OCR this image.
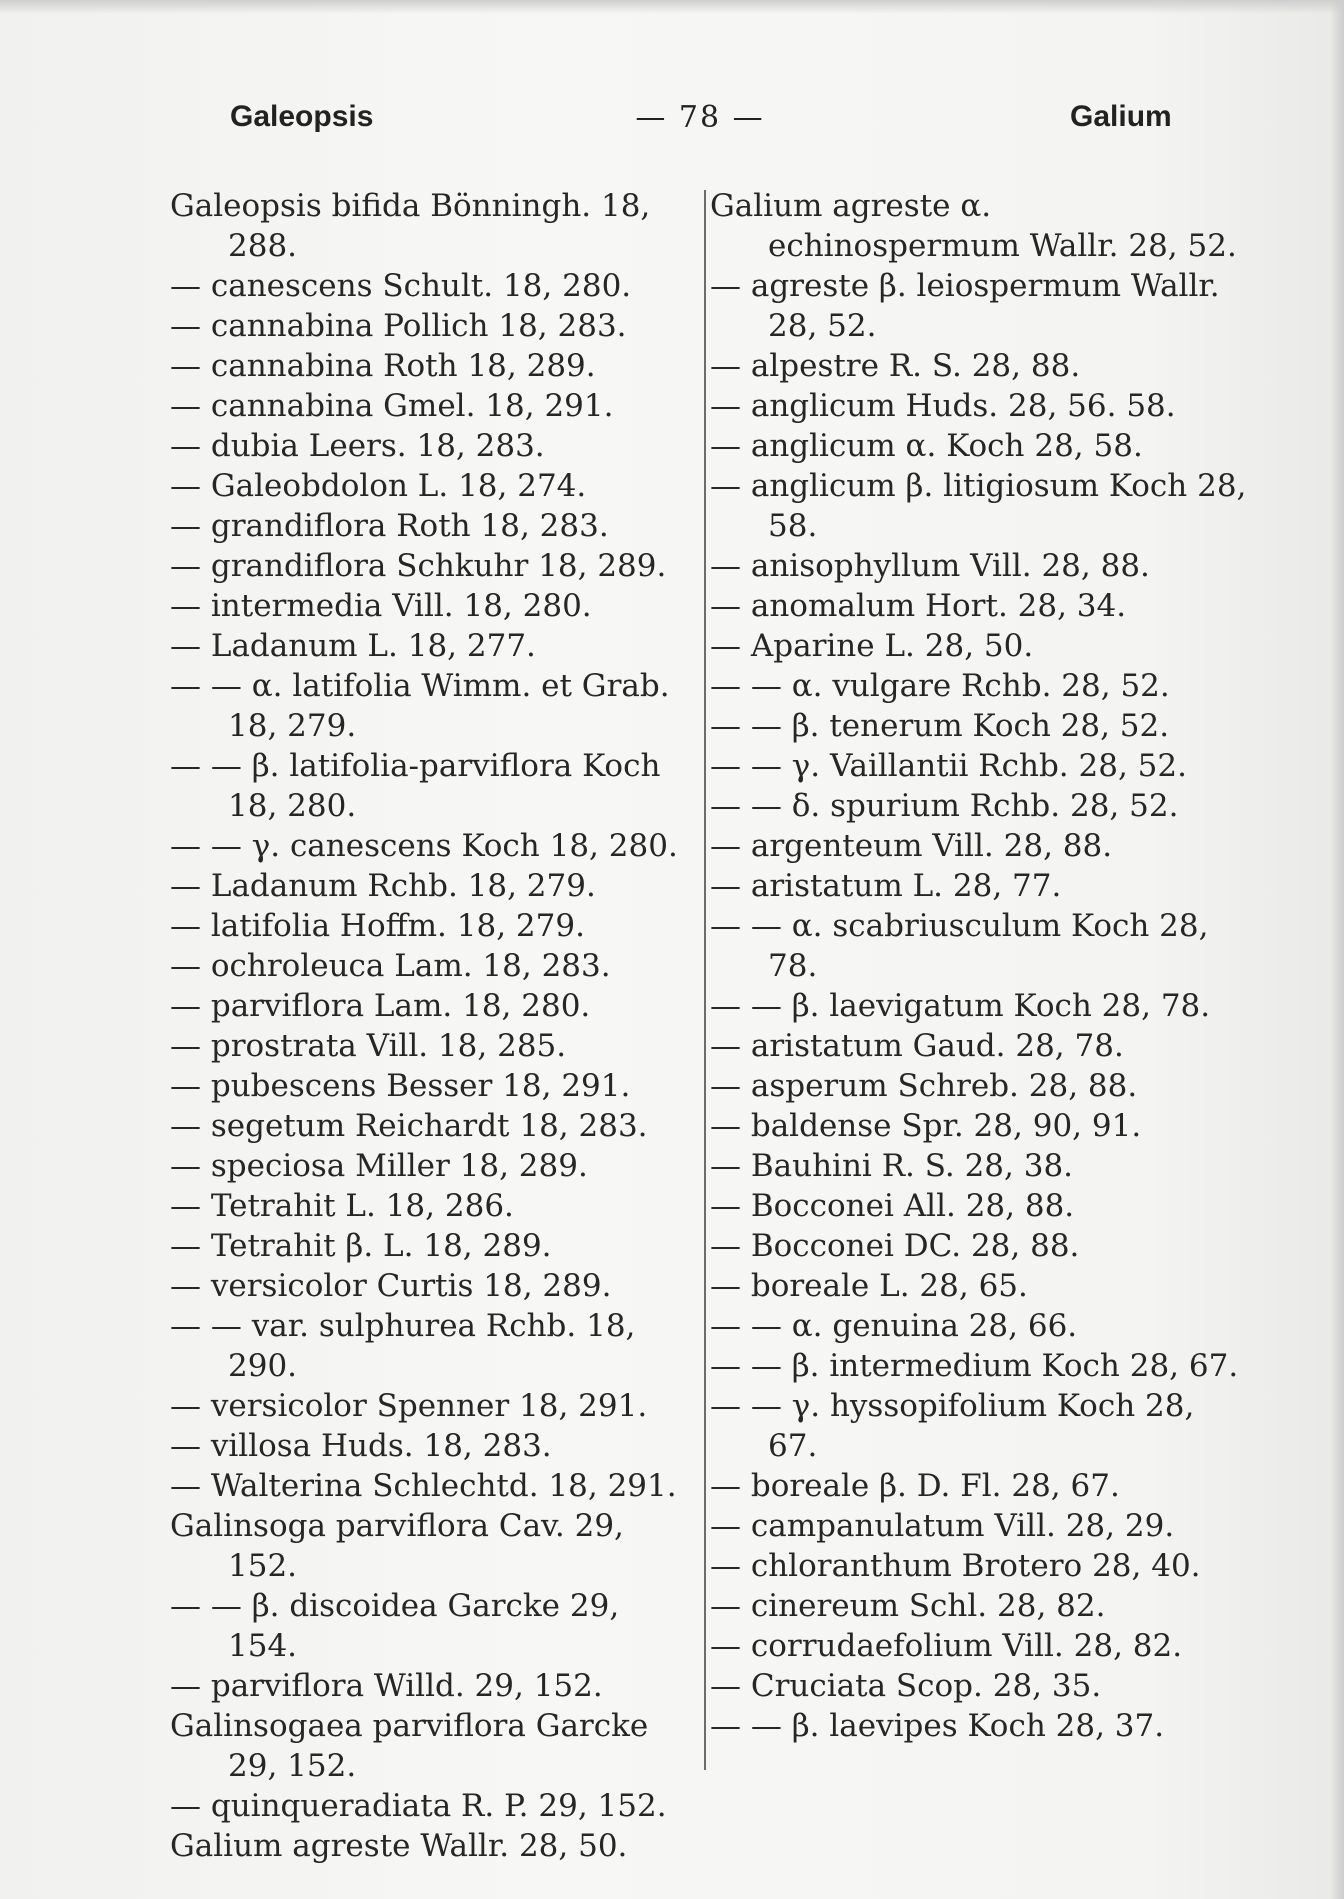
Galeopsis	— 78 —	Galium
Galeopsis bifida Bönningh. 18, 288.
— canescens Schult. 18, 280.
— cannabina Pollich 18, 283.
— cannabina Roth 18, 289.
— cannabina Gmel. 18, 291.
— dubia Leers. 18, 283.
— Galeobdolon L. 18, 274.
— grandiflora Roth 18, 283.
— grandiflora Schkuhr 18, 289.
— intermedia Vill. 18, 280.
— Ladanum L. 18, 277.
— — α. latifolia Wimm. et Grab. 18, 279.
— — β. latifolia-parviflora Koch 18, 280.
— — γ. canescens Koch 18, 280.
— Ladanum Rchb. 18, 279.
— latifolia Hoffm. 18, 279.
— ochroleuca Lam. 18, 283.
— parviflora Lam. 18, 280.
— prostrata Vill. 18, 285.
— pubescens Besser 18, 291.
— segetum Reichardt 18, 283.
— speciosa Miller 18, 289.
— Tetrahit L. 18, 286.
— Tetrahit β. L. 18, 289.
— versicolor Curtis 18, 289.
— — var. sulphurea Rchb. 18, 290.
— versicolor Spenner 18, 291.
— villosa Huds. 18, 283.
— Walterina Schlechtd. 18, 291.
Galinsoga parviflora Cav. 29, 152.
— — β. discoidea Garcke 29, 154.
— parviflora Willd. 29, 152.
Galinsogaea parviflora Garcke 29, 152.
— quinqueradiata R. P. 29, 152.
Galium agreste Wallr. 28, 50.
Galium agreste α. echinospermum Wallr. 28, 52.
— agreste β. leiospermum Wallr. 28, 52.
— alpestre R. S. 28, 88.
— anglicum Huds. 28, 56. 58.
— anglicum α. Koch 28, 58.
— anglicum β. litigiosum Koch 28, 58.
— anisophyllum Vill. 28, 88.
— anomalum Hort. 28, 34.
— Aparine L. 28, 50.
— — α. vulgare Rchb. 28, 52.
— — β. tenerum Koch 28, 52.
— — γ. Vaillantii Rchb. 28, 52.
— — δ. spurium Rchb. 28, 52.
— argenteum Vill. 28, 88.
— aristatum L. 28, 77.
— — α. scabriusculum Koch 28, 78.
— — β. laevigatum Koch 28, 78.
— aristatum Gaud. 28, 78.
— asperum Schreb. 28, 88.
— baldense Spr. 28, 90, 91.
— Bauhini R. S. 28, 38.
— Bocconei All. 28, 88.
— Bocconei DC. 28, 88.
— boreale L. 28, 65.
— — α. genuina 28, 66.
— — β. intermedium Koch 28, 67.
— — γ. hyssopifolium Koch 28, 67.
— boreale β. D. Fl. 28, 67.
— campanulatum Vill. 28, 29.
— chloranthum Brotero 28, 40.
— cinereum Schl. 28, 82.
— corrudaefolium Vill. 28, 82.
— Cruciata Scop. 28, 35.
— — β. laevipes Koch 28, 37.
